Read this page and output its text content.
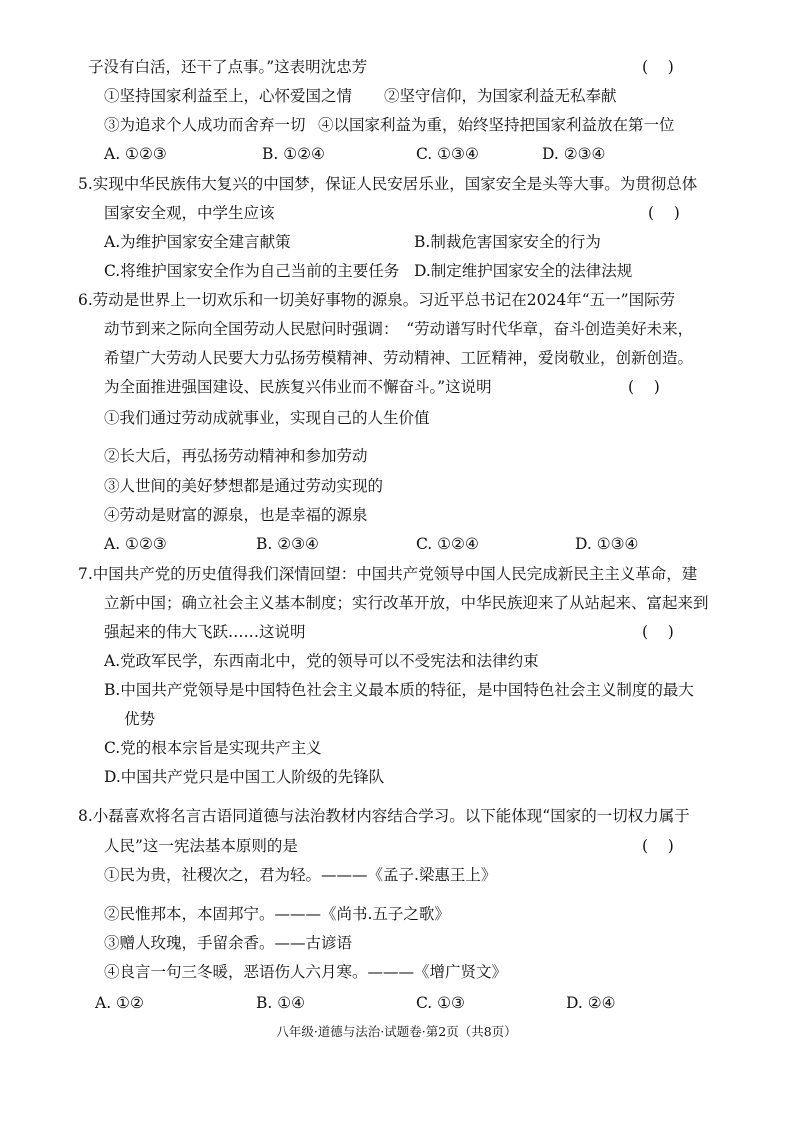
子没有白活，还干了点事。”这表明沈忠芳	(    )
①坚持国家利益至上，心怀爱国之情 ②坚守信仰，为国家利益无私奉献
③为追求个人成功而舍弃一切 ④以国家利益为重，始终坚持把国家利益放在第一位
A. ①②③	B. ①②④	C. ①③④	D. ②③④
5.实现中华民族伟大复兴的中国梦，保证人民安居乐业，国家安全是头等大事。为贯彻总体
国家安全观，中学生应该	(    )
A.为维护国家安全建言献策	B.制裁危害国家安全的行为
C.将维护国家安全作为自己当前的主要任务 D.制定维护国家安全的法律法规
6.劳动是世界上一切欢乐和一切美好事物的源泉。习近平总书记在2024年“五一”国际劳
动节到来之际向全国劳动人民慰问时强调：　“劳动谱写时代华章，奋斗创造美好未来，
希望广大劳动人民要大力弘扬劳模精神、劳动精神、工匠精神，爱岗敬业，创新创造。
为全面推进强国建设、民族复兴伟业而不懈奋斗。”这说明	(    )
①我们通过劳动成就事业，实现自己的人生价值
②长大后，再弘扬劳动精神和参加劳动
③人世间的美好梦想都是通过劳动实现的
④劳动是财富的源泉，也是幸福的源泉
A. ①②③	B. ②③④	C. ①②④	D. ①③④
7.中国共产党的历史值得我们深情回望：中国共产党领导中国人民完成新民主主义革命，建
立新中国；确立社会主义基本制度；实行改革开放，中华民族迎来了从站起来、富起来到
强起来的伟大飞跃……这说明	(    )
A.党政军民学，东西南北中，党的领导可以不受宪法和法律约束
B.中国共产党领导是中国特色社会主义最本质的特征，是中国特色社会主义制度的最大
优势
C.党的根本宗旨是实现共产主义
D.中国共产党只是中国工人阶级的先锋队
8.小磊喜欢将名言古语同道德与法治教材内容结合学习。以下能体现“国家的一切权力属于
人民”这一宪法基本原则的是	(    )
①民为贵，社稷次之，君为轻。———《孟子.梁惠王上》
②民惟邦本，本固邦宁。———《尚书.五子之歌》
③赠人玫瑰，手留余香。——古谚语
④良言一句三冬暖，恶语伤人六月寒。———《增广贤文》
A. ①②	B. ①④	C. ①③	D. ②④
八年级·道德与法治·试题卷·第2页（共8页）
